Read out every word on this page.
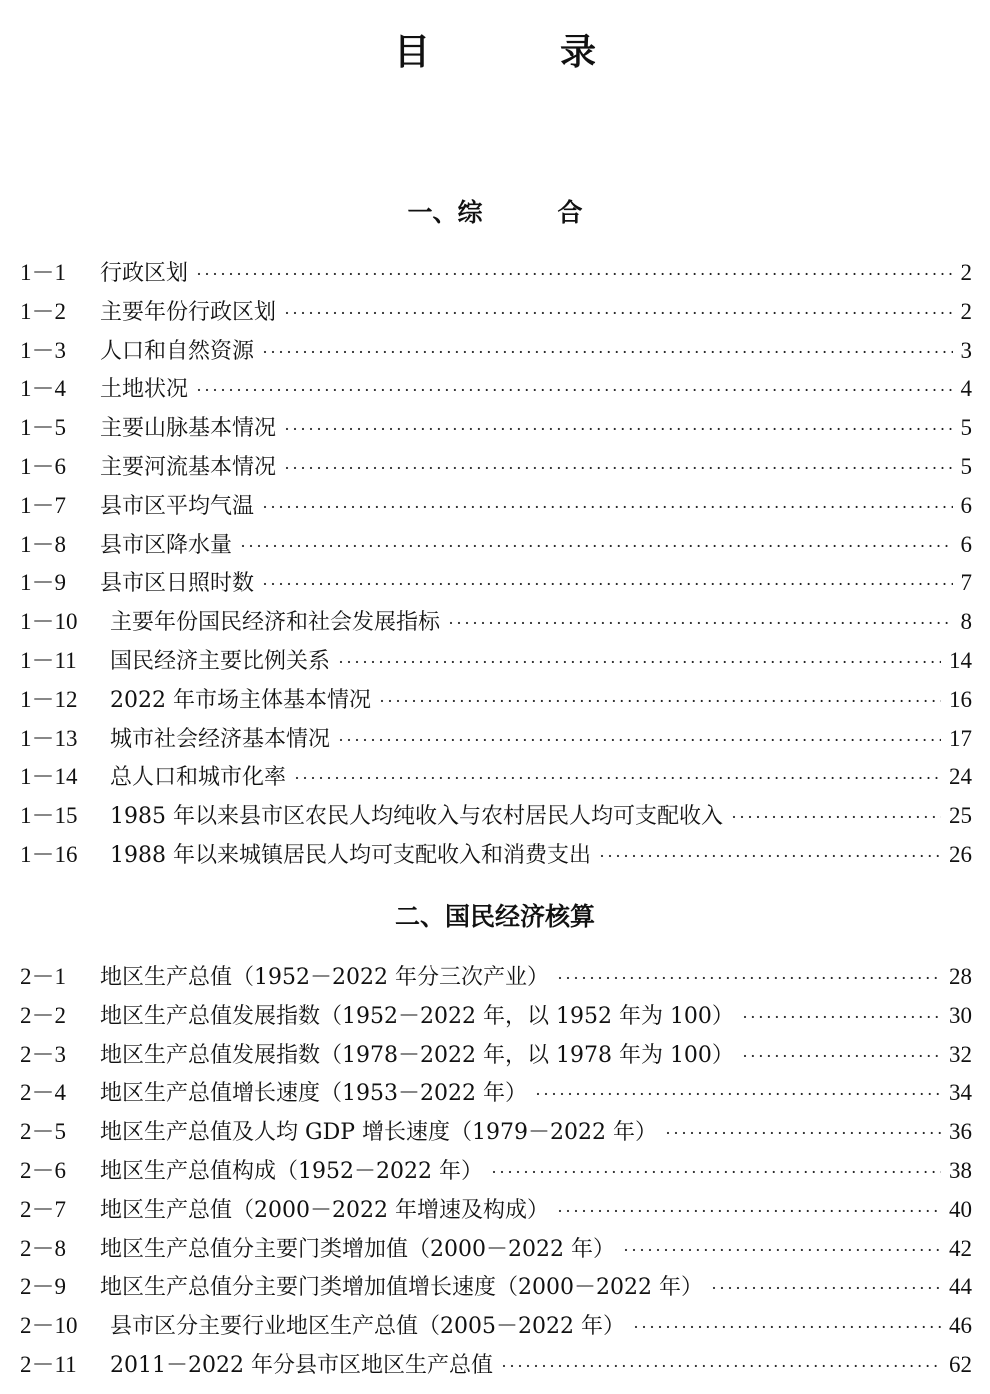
目录
一、综　　　合
1－1	行政区划 ·····	2
1－2	主要年份行政区划 ·····	2
1－3	人口和自然资源 ·····	3
1－4	土地状况 ·····	4
1－5	主要山脉基本情况 ·····	5
1－6	主要河流基本情况 ·····	5
1－7	县市区平均气温 ·····	6
1－8	县市区降水量 ·····	6
1－9	县市区日照时数 ·····	7
1－10	主要年份国民经济和社会发展指标 ·····	8
1－11	国民经济主要比例关系 ·····	14
1－12	2022 年市场主体基本情况 ·····	16
1－13	城市社会经济基本情况 ·····	17
1－14	总人口和城市化率 ·····	24
1－15	1985 年以来县市区农民人均纯收入与农村居民人均可支配收入 ·····	25
1－16	1988 年以来城镇居民人均可支配收入和消费支出 ·····	26
二、国民经济核算
2－1	地区生产总值（1952－2022 年分三次产业） ·····	28
2－2	地区生产总值发展指数（1952－2022 年，以 1952 年为 100） ·····	30
2－3	地区生产总值发展指数（1978－2022 年，以 1978 年为 100） ·····	32
2－4	地区生产总值增长速度（1953－2022 年） ·····	34
2－5	地区生产总值及人均 GDP 增长速度（1979－2022 年） ·····	36
2－6	地区生产总值构成（1952－2022 年） ·····	38
2－7	地区生产总值（2000－2022 年增速及构成） ·····	40
2－8	地区生产总值分主要门类增加值（2000－2022 年） ·····	42
2－9	地区生产总值分主要门类增加值增长速度（2000－2022 年） ·····	44
2－10	县市区分主要行业地区生产总值（2005－2022 年） ·····	46
2－11	2011－2022 年分县市区地区生产总值 ·····	62
